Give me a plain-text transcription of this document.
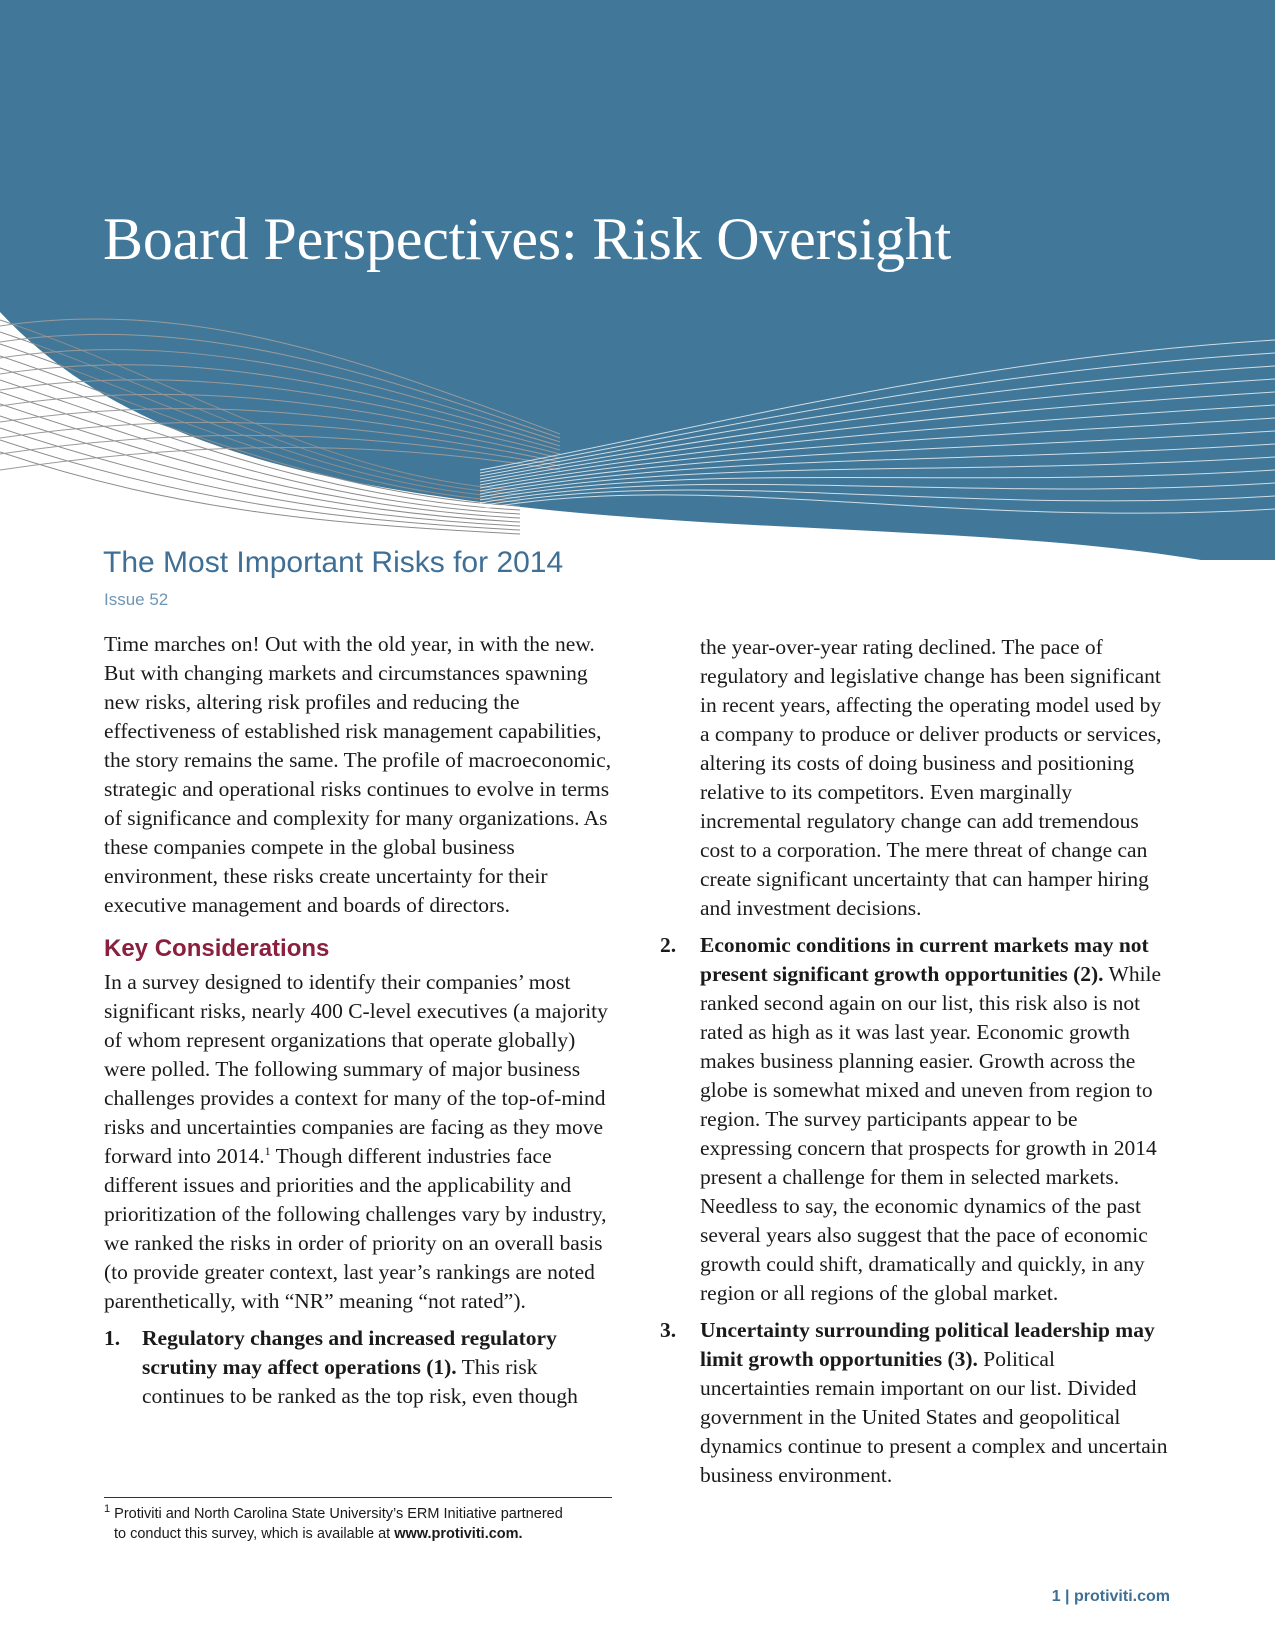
Board Perspectives: Risk Oversight
The Most Important Risks for 2014
Issue 52

Time marches on! Out with the old year, in with the new. But with changing markets and circumstances spawning new risks, altering risk profiles and reducing the effectiveness of established risk management capabilities, the story remains the same. The profile of macroeconomic, strategic and operational risks continues to evolve in terms of significance and complexity for many organizations. As these companies compete in the global business environment, these risks create uncertainty for their executive management and boards of directors.

Key Considerations

In a survey designed to identify their companies’ most significant risks, nearly 400 C-level executives (a majority of whom represent organizations that operate globally) were polled. The following summary of major business challenges provides a context for many of the top-of-mind risks and uncertainties companies are facing as they move forward into 2014.$^1$ Though different industries face different issues and priorities and the applicability and prioritization of the following challenges vary by industry, we ranked the risks in order of priority on an overall basis (to provide greater context, last year’s rankings are noted parenthetically, with “NR” meaning “not rated”).

1. Regulatory changes and increased regulatory scrutiny may affect operations (1). This risk continues to be ranked as the top risk, even though

the year-over-year rating declined. The pace of regulatory and legislative change has been significant in recent years, affecting the operating model used by a company to produce or deliver products or services, altering its costs of doing business and positioning relative to its competitors. Even marginally incremental regulatory change can add tremendous cost to a corporation. The mere threat of change can create significant uncertainty that can hamper hiring and investment decisions.

2. Economic conditions in current markets may not present significant growth opportunities (2). While ranked second again on our list, this risk also is not rated as high as it was last year. Economic growth makes business planning easier. Growth across the globe is somewhat mixed and uneven from region to region. The survey participants appear to be expressing concern that prospects for growth in 2014 present a challenge for them in selected markets. Needless to say, the economic dynamics of the past several years also suggest that the pace of economic growth could shift, dramatically and quickly, in any region or all regions of the global market.
3. Uncertainty surrounding political leadership may limit growth opportunities (3). Political uncertainties remain important on our list. Divided government in the United States and geopolitical dynamics continue to present a complex and uncertain business environment.
$^1$ Protiviti and North Carolina State University’s ERM Initiative partnered
to conduct this survey, which is available at www.protiviti.com.
1 | protiviti.com
